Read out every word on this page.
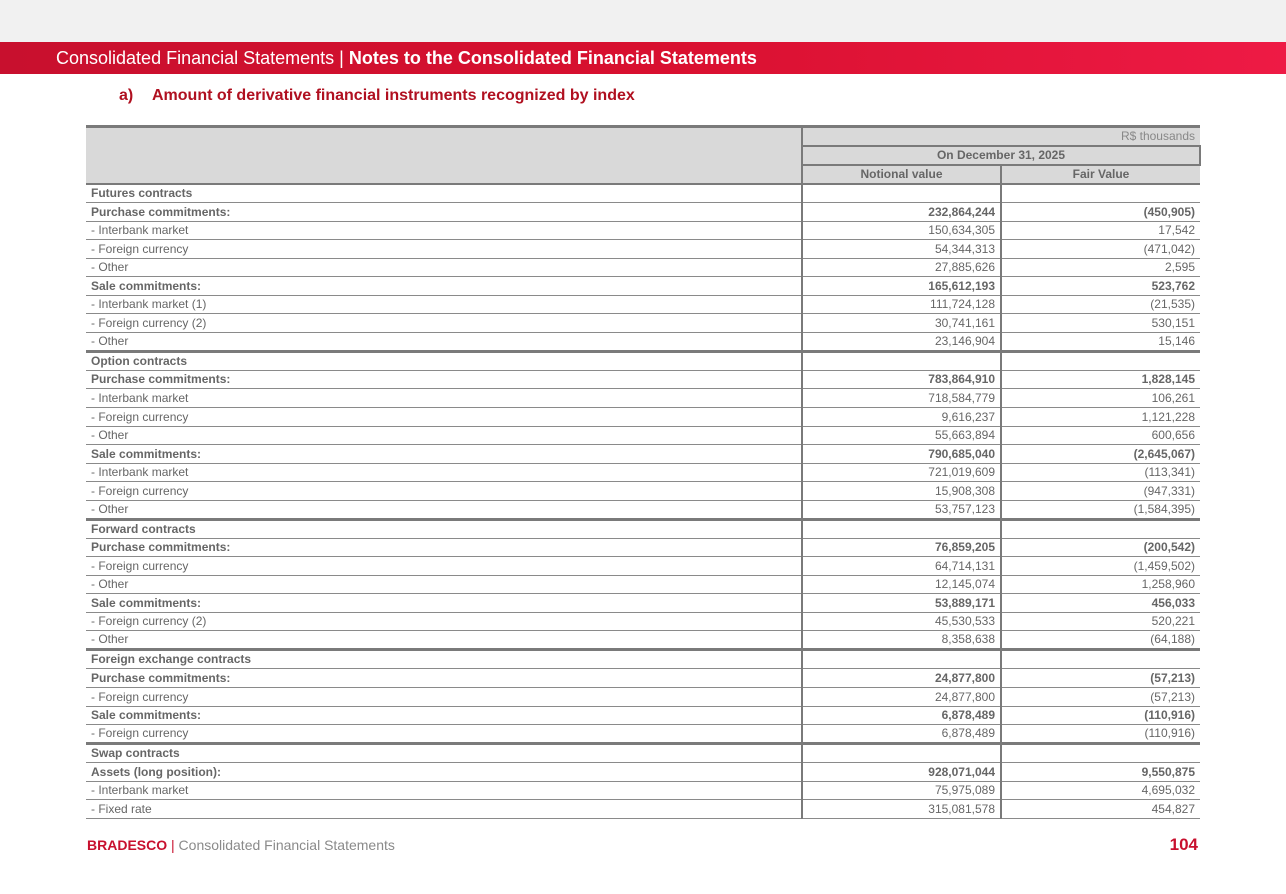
Consolidated Financial Statements | Notes to the Consolidated Financial Statements
a) Amount of derivative financial instruments recognized by index
	R$ thousands	
	On December 31, 2025	
	Notional value	Fair Value
Futures contracts		
Purchase commitments:	232,864,244	(450,905)
- Interbank market	150,634,305	17,542
- Foreign currency	54,344,313	(471,042)
- Other	27,885,626	2,595
Sale commitments:	165,612,193	523,762
- Interbank market (1)	111,724,128	(21,535)
- Foreign currency (2)	30,741,161	530,151
- Other	23,146,904	15,146
Option contracts		
Purchase commitments:	783,864,910	1,828,145
- Interbank market	718,584,779	106,261
- Foreign currency	9,616,237	1,121,228
- Other	55,663,894	600,656
Sale commitments:	790,685,040	(2,645,067)
- Interbank market	721,019,609	(113,341)
- Foreign currency	15,908,308	(947,331)
- Other	53,757,123	(1,584,395)
Forward contracts		
Purchase commitments:	76,859,205	(200,542)
- Foreign currency	64,714,131	(1,459,502)
- Other	12,145,074	1,258,960
Sale commitments:	53,889,171	456,033
- Foreign currency (2)	45,530,533	520,221
- Other	8,358,638	(64,188)
Foreign exchange contracts		
Purchase commitments:	24,877,800	(57,213)
- Foreign currency	24,877,800	(57,213)
Sale commitments:	6,878,489	(110,916)
- Foreign currency	6,878,489	(110,916)
Swap contracts		
Assets (long position):	928,071,044	9,550,875
- Interbank market	75,975,089	4,695,032
- Fixed rate	315,081,578	454,827
BRADESCO | Consolidated Financial Statements	104
